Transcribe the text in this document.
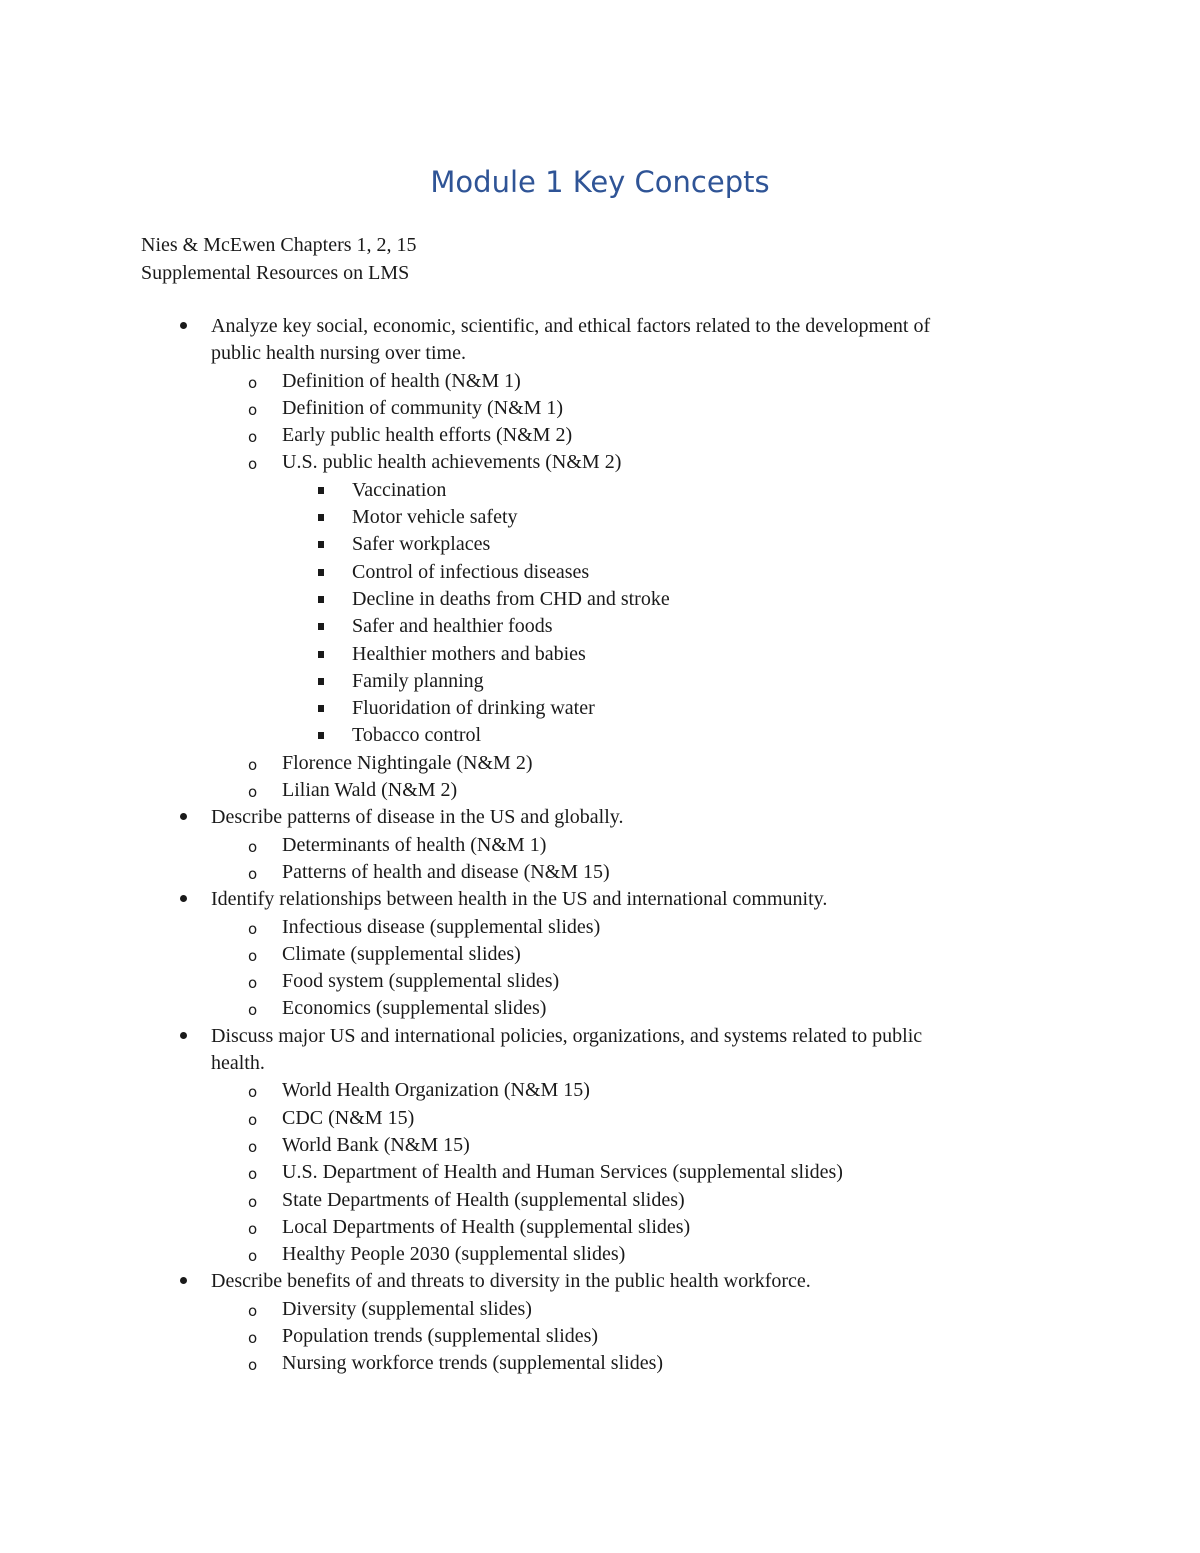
Module 1 Key Concepts
Nies & McEwen Chapters 1, 2, 15
Supplemental Resources on LMS
Analyze key social, economic, scientific, and ethical factors related to the development of
public health nursing over time.
o Definition of health (N&M 1)
o Definition of community (N&M 1)
o Early public health efforts (N&M 2)
o U.S. public health achievements (N&M 2)
Vaccination
Motor vehicle safety
Safer workplaces
Control of infectious diseases
Decline in deaths from CHD and stroke
Safer and healthier foods
Healthier mothers and babies
Family planning
Fluoridation of drinking water
Tobacco control
o Florence Nightingale (N&M 2)
o Lilian Wald (N&M 2)
Describe patterns of disease in the US and globally.
o Determinants of health (N&M 1)
o Patterns of health and disease (N&M 15)
Identify relationships between health in the US and international community.
o Infectious disease (supplemental slides)
o Climate (supplemental slides)
o Food system (supplemental slides)
o Economics (supplemental slides)
Discuss major US and international policies, organizations, and systems related to public
health.
o World Health Organization (N&M 15)
o CDC (N&M 15)
o World Bank (N&M 15)
o U.S. Department of Health and Human Services (supplemental slides)
o State Departments of Health (supplemental slides)
o Local Departments of Health (supplemental slides)
o Healthy People 2030 (supplemental slides)
Describe benefits of and threats to diversity in the public health workforce.
o Diversity (supplemental slides)
o Population trends (supplemental slides)
o Nursing workforce trends (supplemental slides)
